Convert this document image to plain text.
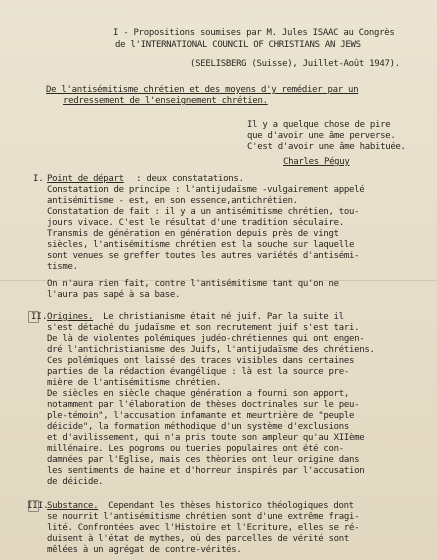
I - Propositions soumises par M. Jules ISAAC au Congrès
de l'INTERNATIONAL COUNCIL OF CHRISTIANS AN JEWS
(SEELISBERG (Suisse), Juillet-Août 1947).
De l'antisémitisme chrétien et des moyens d'y remédier par un
redressement de l'enseignement chrétien.
Il y a quelque chose de pire
que d'avoir une âme perverse.
C'est d'avoir une âme habituée.
Charles Péguy
I. Point de départ : deux constatations.
Constatation de principe : l'antijudaïsme -vulgairement appelé
antisémitisme - est, en son essence,antichrétien.
Constatation de fait : il y a un antisémitisme chrétien, tou-
jours vivace. C'est le résultat d'une tradition séculaire.
Transmis de génération en génération depuis près de vingt
siècles, l'antisémitisme chrétien est la souche sur laquelle
sont venues se greffer toutes les autres variétés d'antisémi-
tisme.
On n'aura rien fait, contre l'antisémitisme tant qu'on ne
l'aura pas sapé à sa base.
II. Origines. Le christianisme était né juif. Par la suite il
s'est détaché du judaïsme et son recrutement juif s'est tari.
De là de violentes polémiques judéo-chrétiennes qui ont engen-
dré l'antichristianisme des Juifs, l'antijudaïsme des chrétiens.
Ces polémiques ont laissé des traces visibles dans certaines
parties de la rédaction évangélique : là est la source pre-
mière de l'antisémitisme chrétien.
De siècles en siècle chaque génération a fourni son apport,
notamment par l'élaboration de thèses doctrinales sur le peu-
ple-témoin", l'accusation infamante et meurtrière de "peuple
déicide", la formation méthodique d'un système d'exclusions
et d'avilissement, qui n'a pris toute son ampleur qu'au XIIème
millénaire. Les pogroms ou tueries populaires ont été con-
damnées par l'Eglise, mais ces thèories ont leur origine dans
les sentiments de haine et d'horreur inspirés par l'accusation
de déicide.
III.
Substance. Cependant les thèses historico théologiques dont
se nourrit l'antisémitisme chrétien sont d'une extrême fragi-
lité. Confrontées avec l'Histoire et l'Ecriture, elles se ré-
duisent à l'état de mythes, où des parcelles de vérité sont
mêlées à un agrégat de contre-vérités.
